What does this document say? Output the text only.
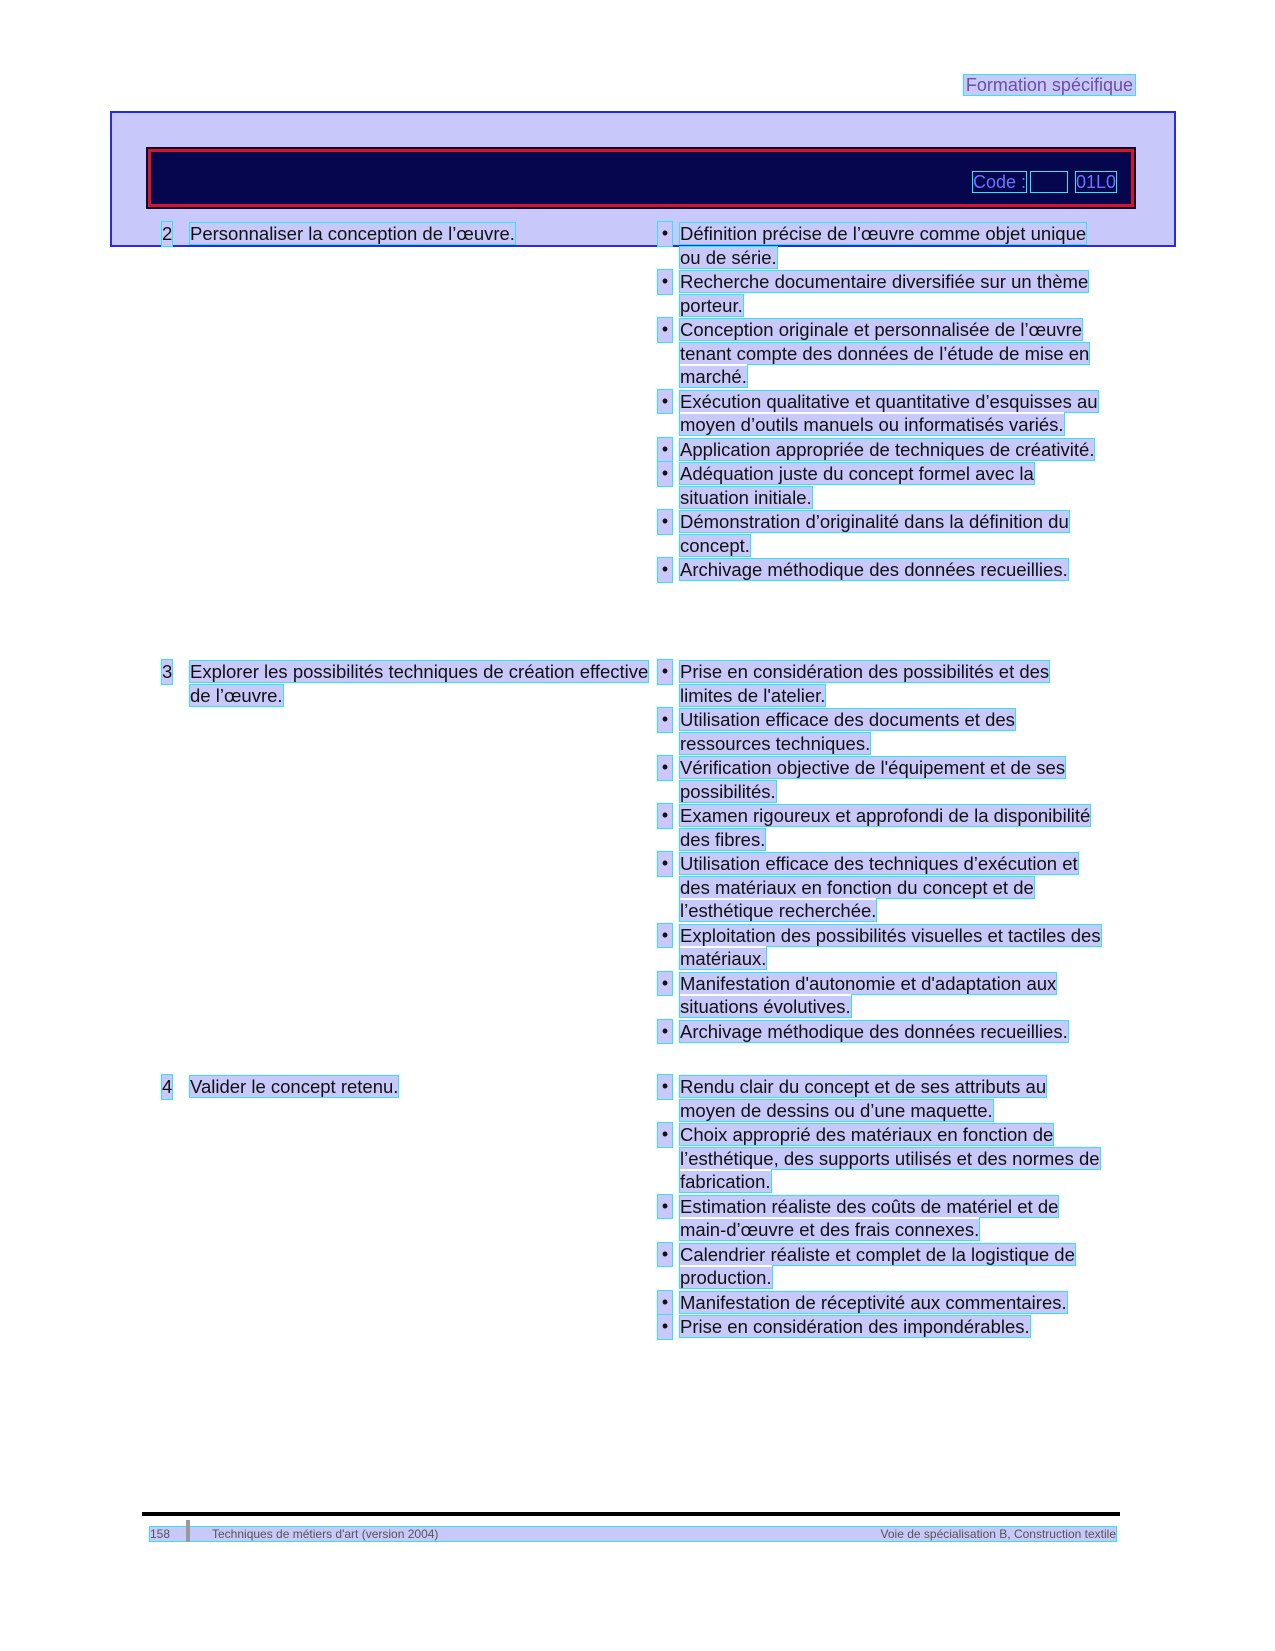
Formation spécifique
Code :	01L0
2 Personnaliser la conception de l’œuvre.	• Définition précise de l’œuvre comme objet unique ou de série.
• Recherche documentaire diversifiée sur un thème porteur.
• Conception originale et personnalisée de l’œuvre tenant compte des données de l’étude de mise en marché.
• Exécution qualitative et quantitative d’esquisses au moyen d’outils manuels ou informatisés variés.
• Application appropriée de techniques de créativité.
• Adéquation juste du concept formel avec la situation initiale.
• Démonstration d’originalité dans la définition du concept.
• Archivage méthodique des données recueillies.
3 Explorer les possibilités techniques de création effective de l’œuvre.
• Prise en considération des possibilités et des limites de l'atelier.
• Utilisation efficace des documents et des ressources techniques.
• Vérification objective de l'équipement et de ses possibilités.
• Examen rigoureux et approfondi de la disponibilité des fibres.
• Utilisation efficace des techniques d’exécution et des matériaux en fonction du concept et de l’esthétique recherchée.
• Exploitation des possibilités visuelles et tactiles des matériaux.
• Manifestation d'autonomie et d'adaptation aux situations évolutives.
• Archivage méthodique des données recueillies.
4 Valider le concept retenu.	• Rendu clair du concept et de ses attributs au moyen de dessins ou d’une maquette.
• Choix approprié des matériaux en fonction de l’esthétique, des supports utilisés et des normes de fabrication.
• Estimation réaliste des coûts de matériel et de main-d’œuvre et des frais connexes.
• Calendrier réaliste et complet de la logistique de production.
• Manifestation de réceptivité aux commentaires.
• Prise en considération des impondérables.
158	Techniques de métiers d'art (version 2004)	Voie de spécialisation B, Construction textile
